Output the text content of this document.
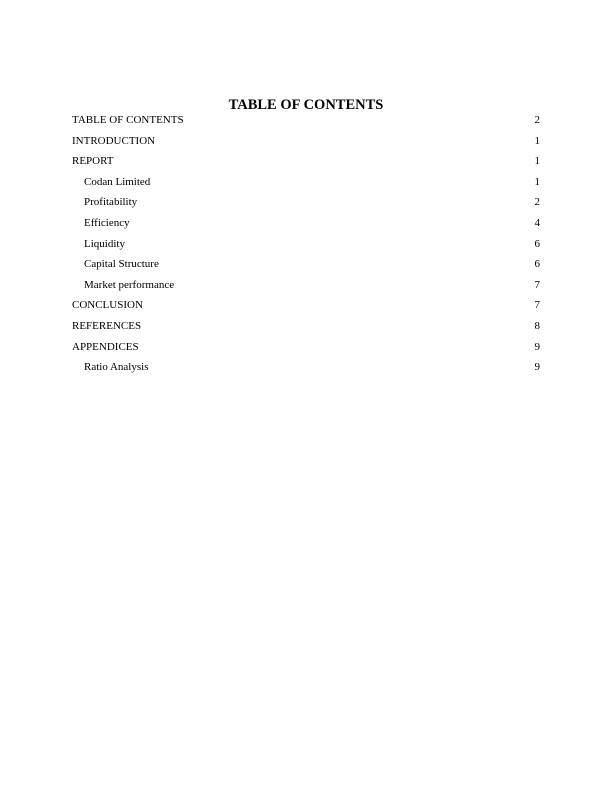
TABLE OF CONTENTS
TABLE OF CONTENTS	2
INTRODUCTION	1
REPORT	1
Codan Limited	1
Profitability	2
Efficiency	4
Liquidity	6
Capital Structure	6
Market performance	7
CONCLUSION	7
REFERENCES	8
APPENDICES	9
Ratio Analysis	9
